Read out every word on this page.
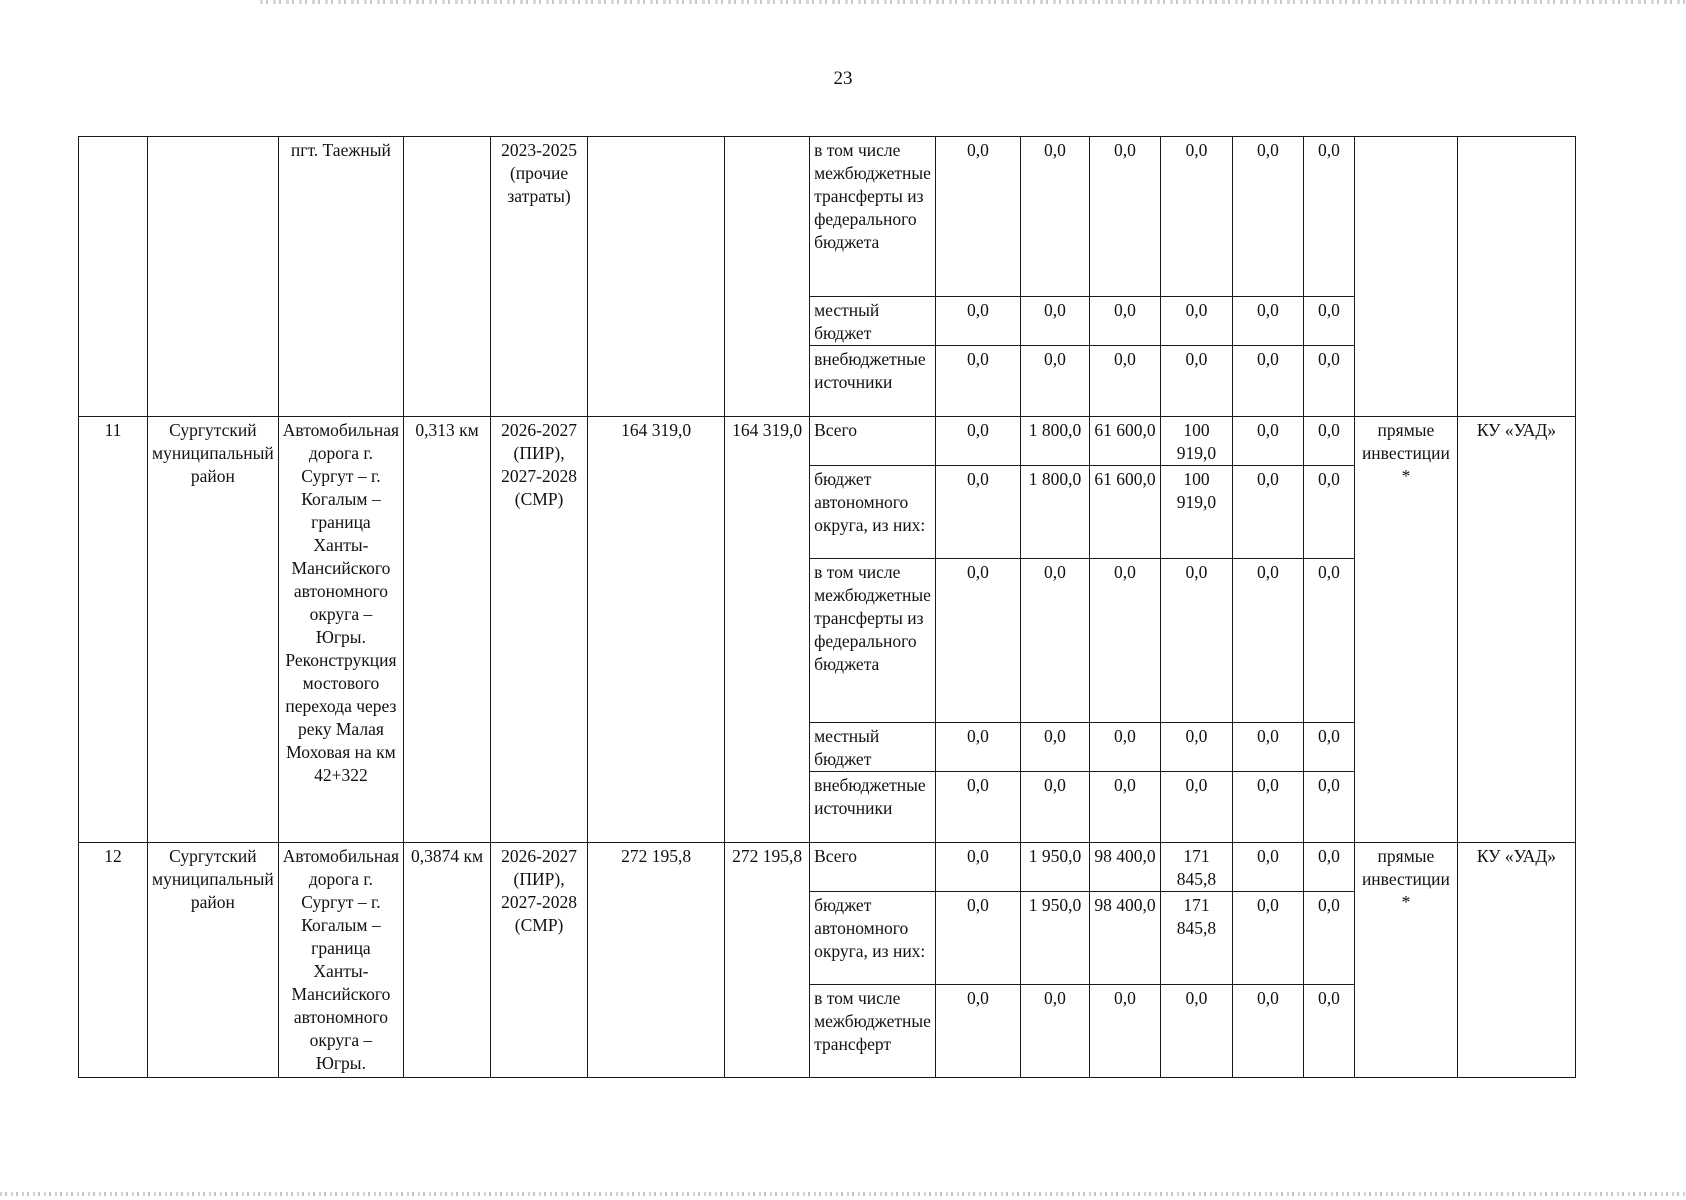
23
		пгт. Таежный		2023-2025 (прочие затраты)			в том числе межбюджетные трансферты из федерального бюджета	0,0	0,0	0,0	0,0	0,0	0,0		
							местный бюджет	0,0	0,0	0,0	0,0	0,0	0,0		
							внебюджетные источники	0,0	0,0	0,0	0,0	0,0	0,0		
11	Сургутский муниципальный район	Автомобильная дорога г. Сургут – г. Когалым – граница Ханты-Мансийского автономного округа – Югры. Реконструкция мостового перехода через реку Малая Моховая на км 42+322	0,313 км	2026-2027 (ПИР), 2027-2028 (СМР)	164 319,0	164 319,0	Всего	0,0	1 800,0	61 600,0	100 919,0	0,0	0,0	прямые инвестиции *	КУ «УАД»
							бюджет автономного округа, из них:	0,0	1 800,0	61 600,0	100 919,0	0,0	0,0		
							в том числе межбюджетные трансферты из федерального бюджета	0,0	0,0	0,0	0,0	0,0	0,0		
							местный бюджет	0,0	0,0	0,0	0,0	0,0	0,0		
							внебюджетные источники	0,0	0,0	0,0	0,0	0,0	0,0		
12	Сургутский муниципальный район	Автомобильная дорога г. Сургут – г. Когалым – граница Ханты-Мансийского автономного округа – Югры.	0,3874 км	2026-2027 (ПИР), 2027-2028 (СМР)	272 195,8	272 195,8	Всего	0,0	1 950,0	98 400,0	171 845,8	0,0	0,0	прямые инвестиции *	КУ «УАД»
							бюджет автономного округа, из них:	0,0	1 950,0	98 400,0	171 845,8	0,0	0,0		
							в том числе межбюджетные трансферт	0,0	0,0	0,0	0,0	0,0	0,0		
